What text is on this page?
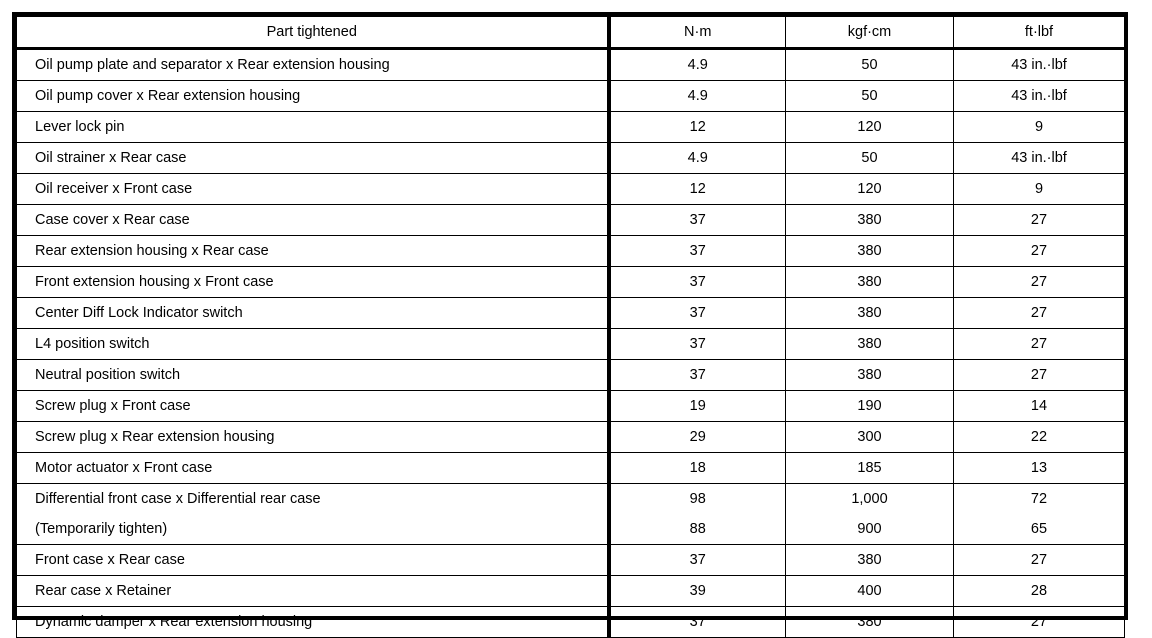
Part tightened	N·m	kgf·cm	ft·lbf
Oil pump plate and separator x Rear extension housing	4.9	50	43 in.·lbf
Oil pump cover x Rear extension housing	4.9	50	43 in.·lbf
Lever lock pin	12	120	9
Oil strainer x Rear case	4.9	50	43 in.·lbf
Oil receiver x Front case	12	120	9
Case cover x Rear case	37	380	27
Rear extension housing x Rear case	37	380	27
Front extension housing x Front case	37	380	27
Center Diff Lock Indicator switch	37	380	27
L4 position switch	37	380	27
Neutral position switch	37	380	27
Screw plug x Front case	19	190	14
Screw plug x Rear extension housing	29	300	22
Motor actuator x Front case	18	185	13
Differential front case x Differential rear case	98	1,000	72
(Temporarily tighten)	88	900	65
Front case x Rear case	37	380	27
Rear case x Retainer	39	400	28
Dynamic damper x Rear extension housing	37	380	27
